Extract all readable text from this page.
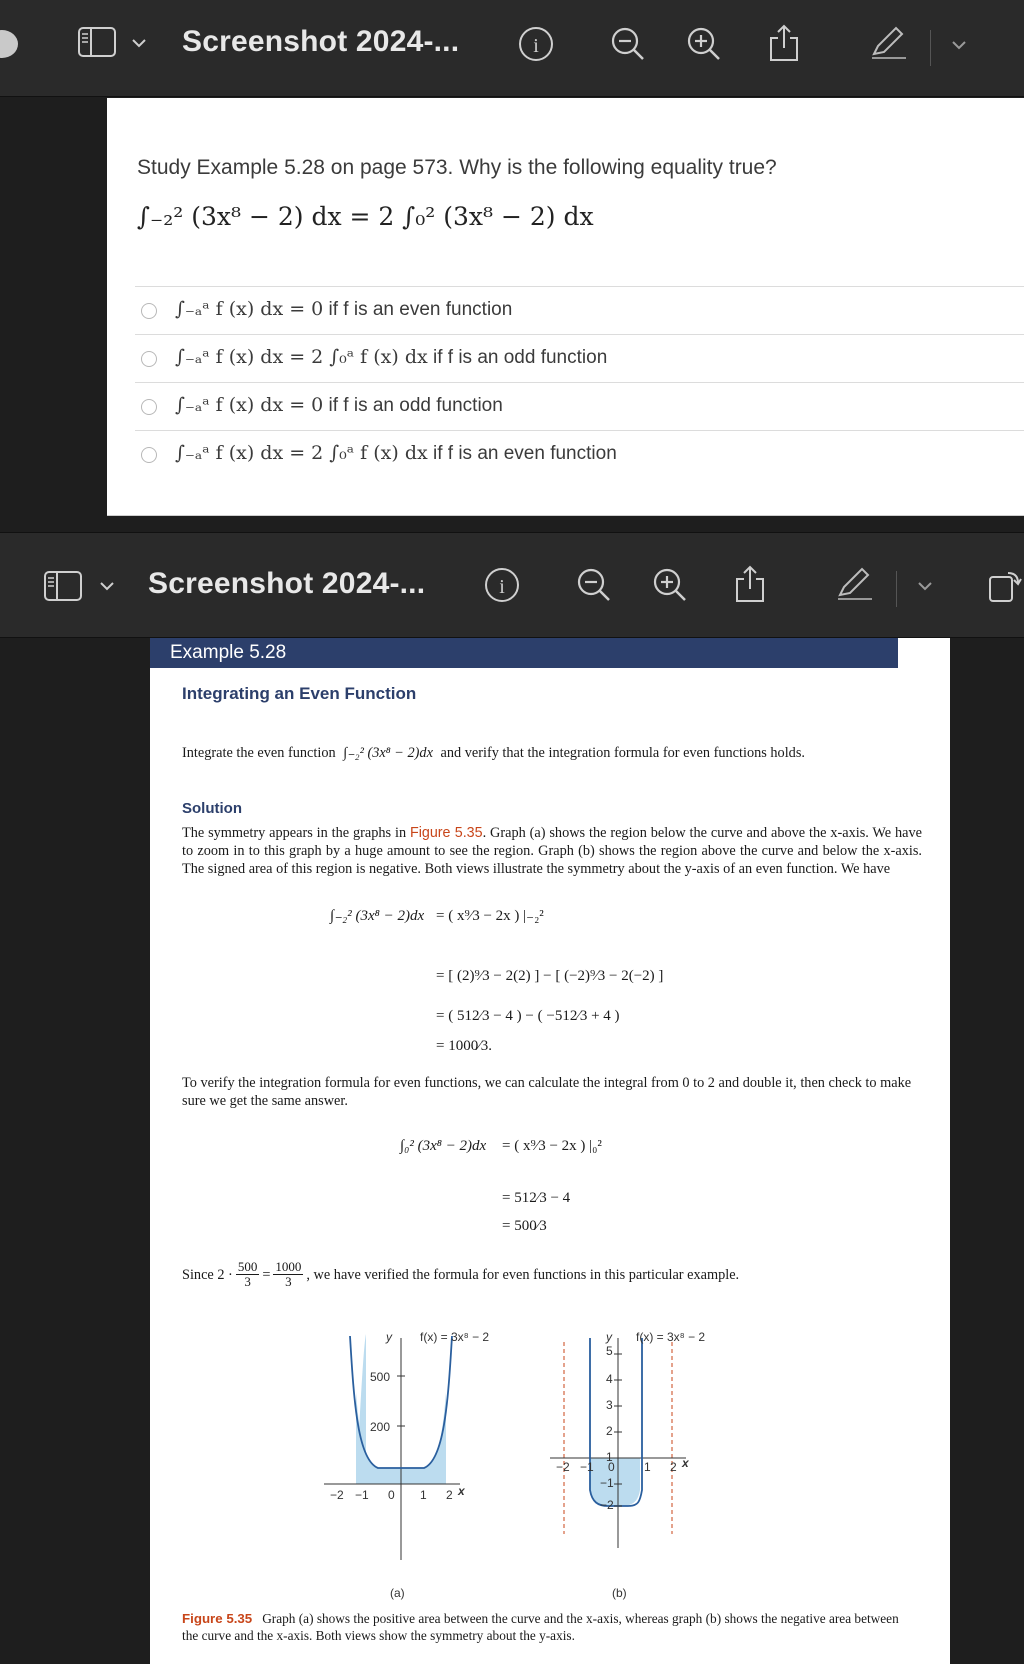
Screenshot 2024-...	i
Study Example 5.28 on page 573. Why is the following equality true?
∫₋₂² (3x⁸ − 2) dx = 2 ∫₀² (3x⁸ − 2) dx
∫₋ₐᵃ f (x) dx = 0 if f is an even function
∫₋ₐᵃ f (x) dx = 2 ∫₀ᵃ f (x) dx if f is an odd function
∫₋ₐᵃ f (x) dx = 0 if f is an odd function
∫₋ₐᵃ f (x) dx = 2 ∫₀ᵃ f (x) dx if f is an even function
Screenshot 2024-...	i
Example 5.28
Integrating an Even Function
Integrate the even function ∫₋₂² (3x⁸ − 2)dx and verify that the integration formula for even functions holds.
Solution
The symmetry appears in the graphs in Figure 5.35. Graph (a) shows the region below the curve and above the x-axis. We have to zoom in to this graph by a huge amount to see the region. Graph (b) shows the region above the curve and below the x-axis. The signed area of this region is negative. Both views illustrate the symmetry about the y-axis of an even function. We have
∫₋₂² (3x⁸ − 2)dx = ( x⁹⁄3 − 2x ) |₋₂²
= [ (2)⁹⁄3 − 2(2) ] − [ (−2)⁹⁄3 − 2(−2) ]
= ( 512⁄3 − 4 ) − ( −512⁄3 + 4 )
= 1000⁄3.
To verify the integration formula for even functions, we can calculate the integral from 0 to 2 and double it, then check to make sure we get the same answer.
∫₀² (3x⁸ − 2)dx = ( x⁹⁄3 − 2x ) |₀²
= 512⁄3 − 4
= 500⁄3
Since $2 \cdot \frac{500}{3} = \frac{1000}{3}$ , we have verified the formula for even functions in this particular example.
y f(x) = 3x⁸ − 2
500
200
−2 −1 0 1 2 x
(a)
y f(x) = 3x⁸ − 2
5
4
3
2
1
−1
−2
−2 −1 0 1 2 x
(b)
Figure 5.35 Graph (a) shows the positive area between the curve and the x-axis, whereas graph (b) shows the negative area between the curve and the x-axis. Both views show the symmetry about the y-axis.
